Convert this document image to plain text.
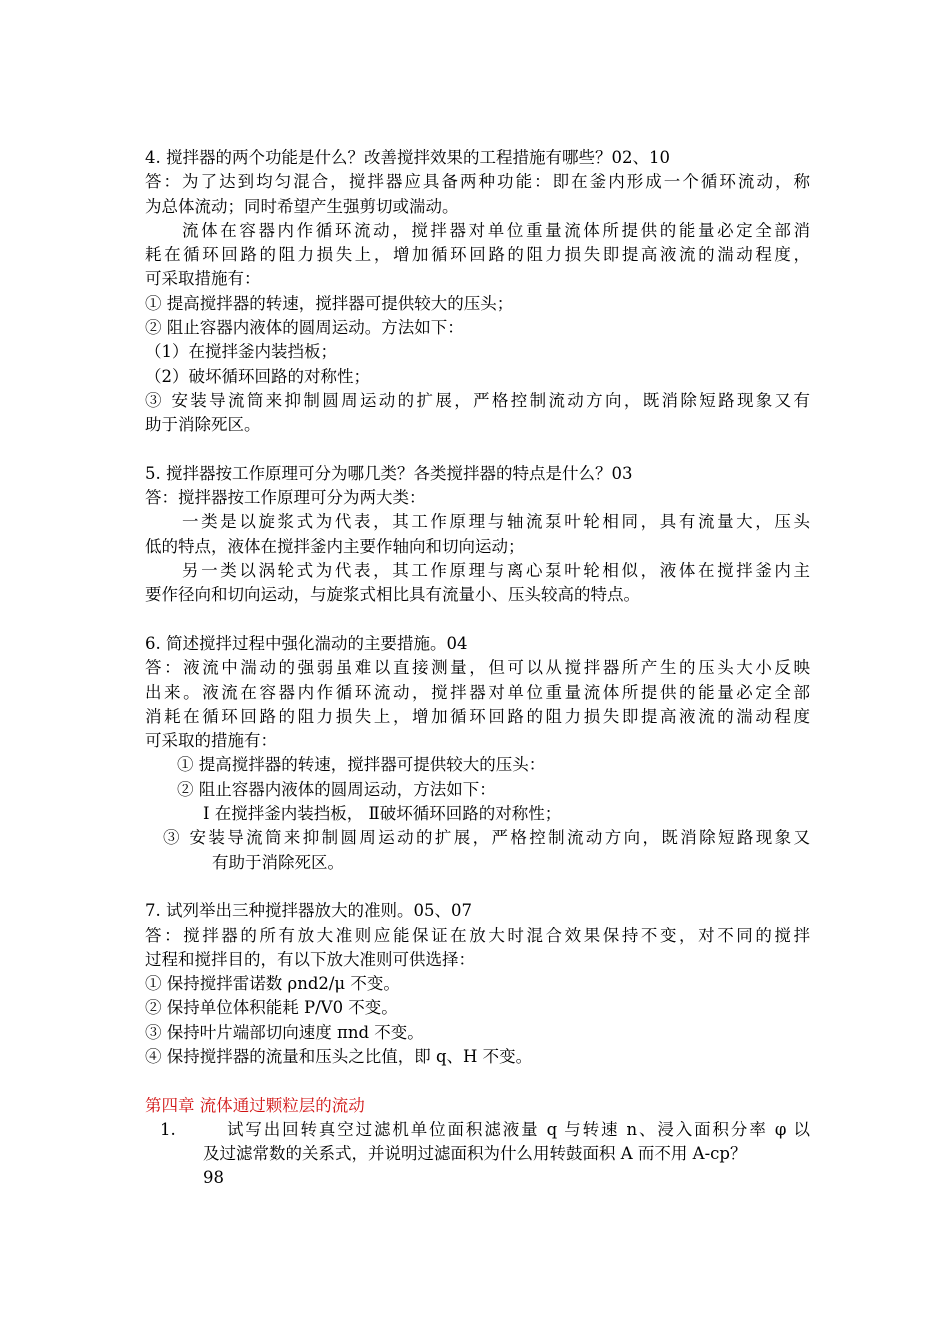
4. 搅拌器的两个功能是什么？改善搅拌效果的工程措施有哪些？02、10
答：为了达到均匀混合，搅拌器应具备两种功能：即在釜内形成一个循环流动，称
为总体流动；同时希望产生强剪切或湍动。
流体在容器内作循环流动，搅拌器对单位重量流体所提供的能量必定全部消
耗在循环回路的阻力损失上，增加循环回路的阻力损失即提高液流的湍动程度，
可采取措施有：
① 提高搅拌器的转速，搅拌器可提供较大的压头；
② 阻止容器内液体的圆周运动。方法如下：
（1）在搅拌釜内装挡板；
（2）破坏循环回路的对称性；
③ 安装导流筒来抑制圆周运动的扩展，严格控制流动方向，既消除短路现象又有
助于消除死区。
5. 搅拌器按工作原理可分为哪几类？各类搅拌器的特点是什么？03
答：搅拌器按工作原理可分为两大类：
一类是以旋浆式为代表，其工作原理与轴流泵叶轮相同，具有流量大，压头
低的特点，液体在搅拌釜内主要作轴向和切向运动；
另一类以涡轮式为代表，其工作原理与离心泵叶轮相似，液体在搅拌釜内主
要作径向和切向运动，与旋浆式相比具有流量小、压头较高的特点。
6. 简述搅拌过程中强化湍动的主要措施。04
答：液流中湍动的强弱虽难以直接测量，但可以从搅拌器所产生的压头大小反映
出来。液流在容器内作循环流动，搅拌器对单位重量流体所提供的能量必定全部
消耗在循环回路的阻力损失上，增加循环回路的阻力损失即提高液流的湍动程度
可采取的措施有：
① 提高搅拌器的转速，搅拌器可提供较大的压头：
② 阻止容器内液体的圆周运动，方法如下：
Ⅰ 在搅拌釜内装挡板， Ⅱ破坏循环回路的对称性；
③ 安装导流筒来抑制圆周运动的扩展，严格控制流动方向，既消除短路现象又
有助于消除死区。
7. 试列举出三种搅拌器放大的准则。05、07
答：搅拌器的所有放大准则应能保证在放大时混合效果保持不变，对不同的搅拌
过程和搅拌目的，有以下放大准则可供选择：
① 保持搅拌雷诺数 ρnd2/μ 不变。
② 保持单位体积能耗 P/V0 不变。
③ 保持叶片端部切向速度 πnd 不变。
④ 保持搅拌器的流量和压头之比值，即 q、H 不变。
第四章 流体通过颗粒层的流动
1.	试写出回转真空过滤机单位面积滤液量 q 与转速 n、浸入面积分率 φ 以
及过滤常数的关系式，并说明过滤面积为什么用转鼓面积 A 而不用 A-cp？
98
